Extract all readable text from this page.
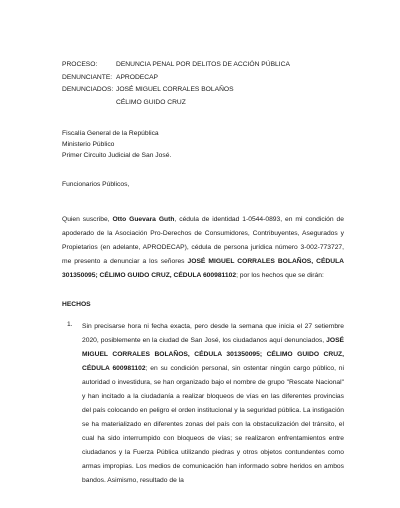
PROCESO:	DENUNCIA PENAL POR DELITOS DE ACCIÓN PÚBLICA
DENUNCIANTE: APRODECAP
DENUNCIADOS: JOSÉ MIGUEL CORRALES BOLAÑOS
CÉLIMO GUIDO CRUZ
Fiscalía General de la República
Ministerio Público
Primer Circuito Judicial de San José.
Funcionarios Públicos,
Quien suscribe, Otto Guevara Guth, cédula de identidad 1-0544-0893, en mi condición de apoderado de la Asociación Pro-Derechos de Consumidores, Contribuyentes, Asegurados y Propietarios (en adelante, APRODECAP), cédula de persona jurídica número 3-002-773727, me presento a denunciar a los señores JOSÉ MIGUEL CORRALES BOLAÑOS, CÉDULA 301350095; CÉLIMO GUIDO CRUZ, CÉDULA 600981102; por los hechos que se dirán:
HECHOS
1.	Sin precisarse hora ni fecha exacta, pero desde la semana que inicia el 27 setiembre 2020, posiblemente en la ciudad de San José, los ciudadanos aquí denunciados, JOSÉ MIGUEL CORRALES BOLAÑOS, CÉDULA 301350095; CÉLIMO GUIDO CRUZ, CÉDULA 600981102; en su condición personal, sin ostentar ningún cargo público, ni autoridad o investidura, se han organizado bajo el nombre de grupo "Rescate Nacional" y han incitado a la ciudadanía a realizar bloqueos de vías en las diferentes provincias del país colocando en peligro el orden institucional y la seguridad pública. La instigación se ha materializado en diferentes zonas del país con la obstaculización del tránsito, el cual ha sido interrumpido con bloqueos de vías; se realizaron enfrentamientos entre ciudadanos y la Fuerza Pública utilizando piedras y otros objetos contundentes como armas impropias. Los medios de comunicación han informado sobre heridos en ambos bandos. Asimismo, resultado de la
